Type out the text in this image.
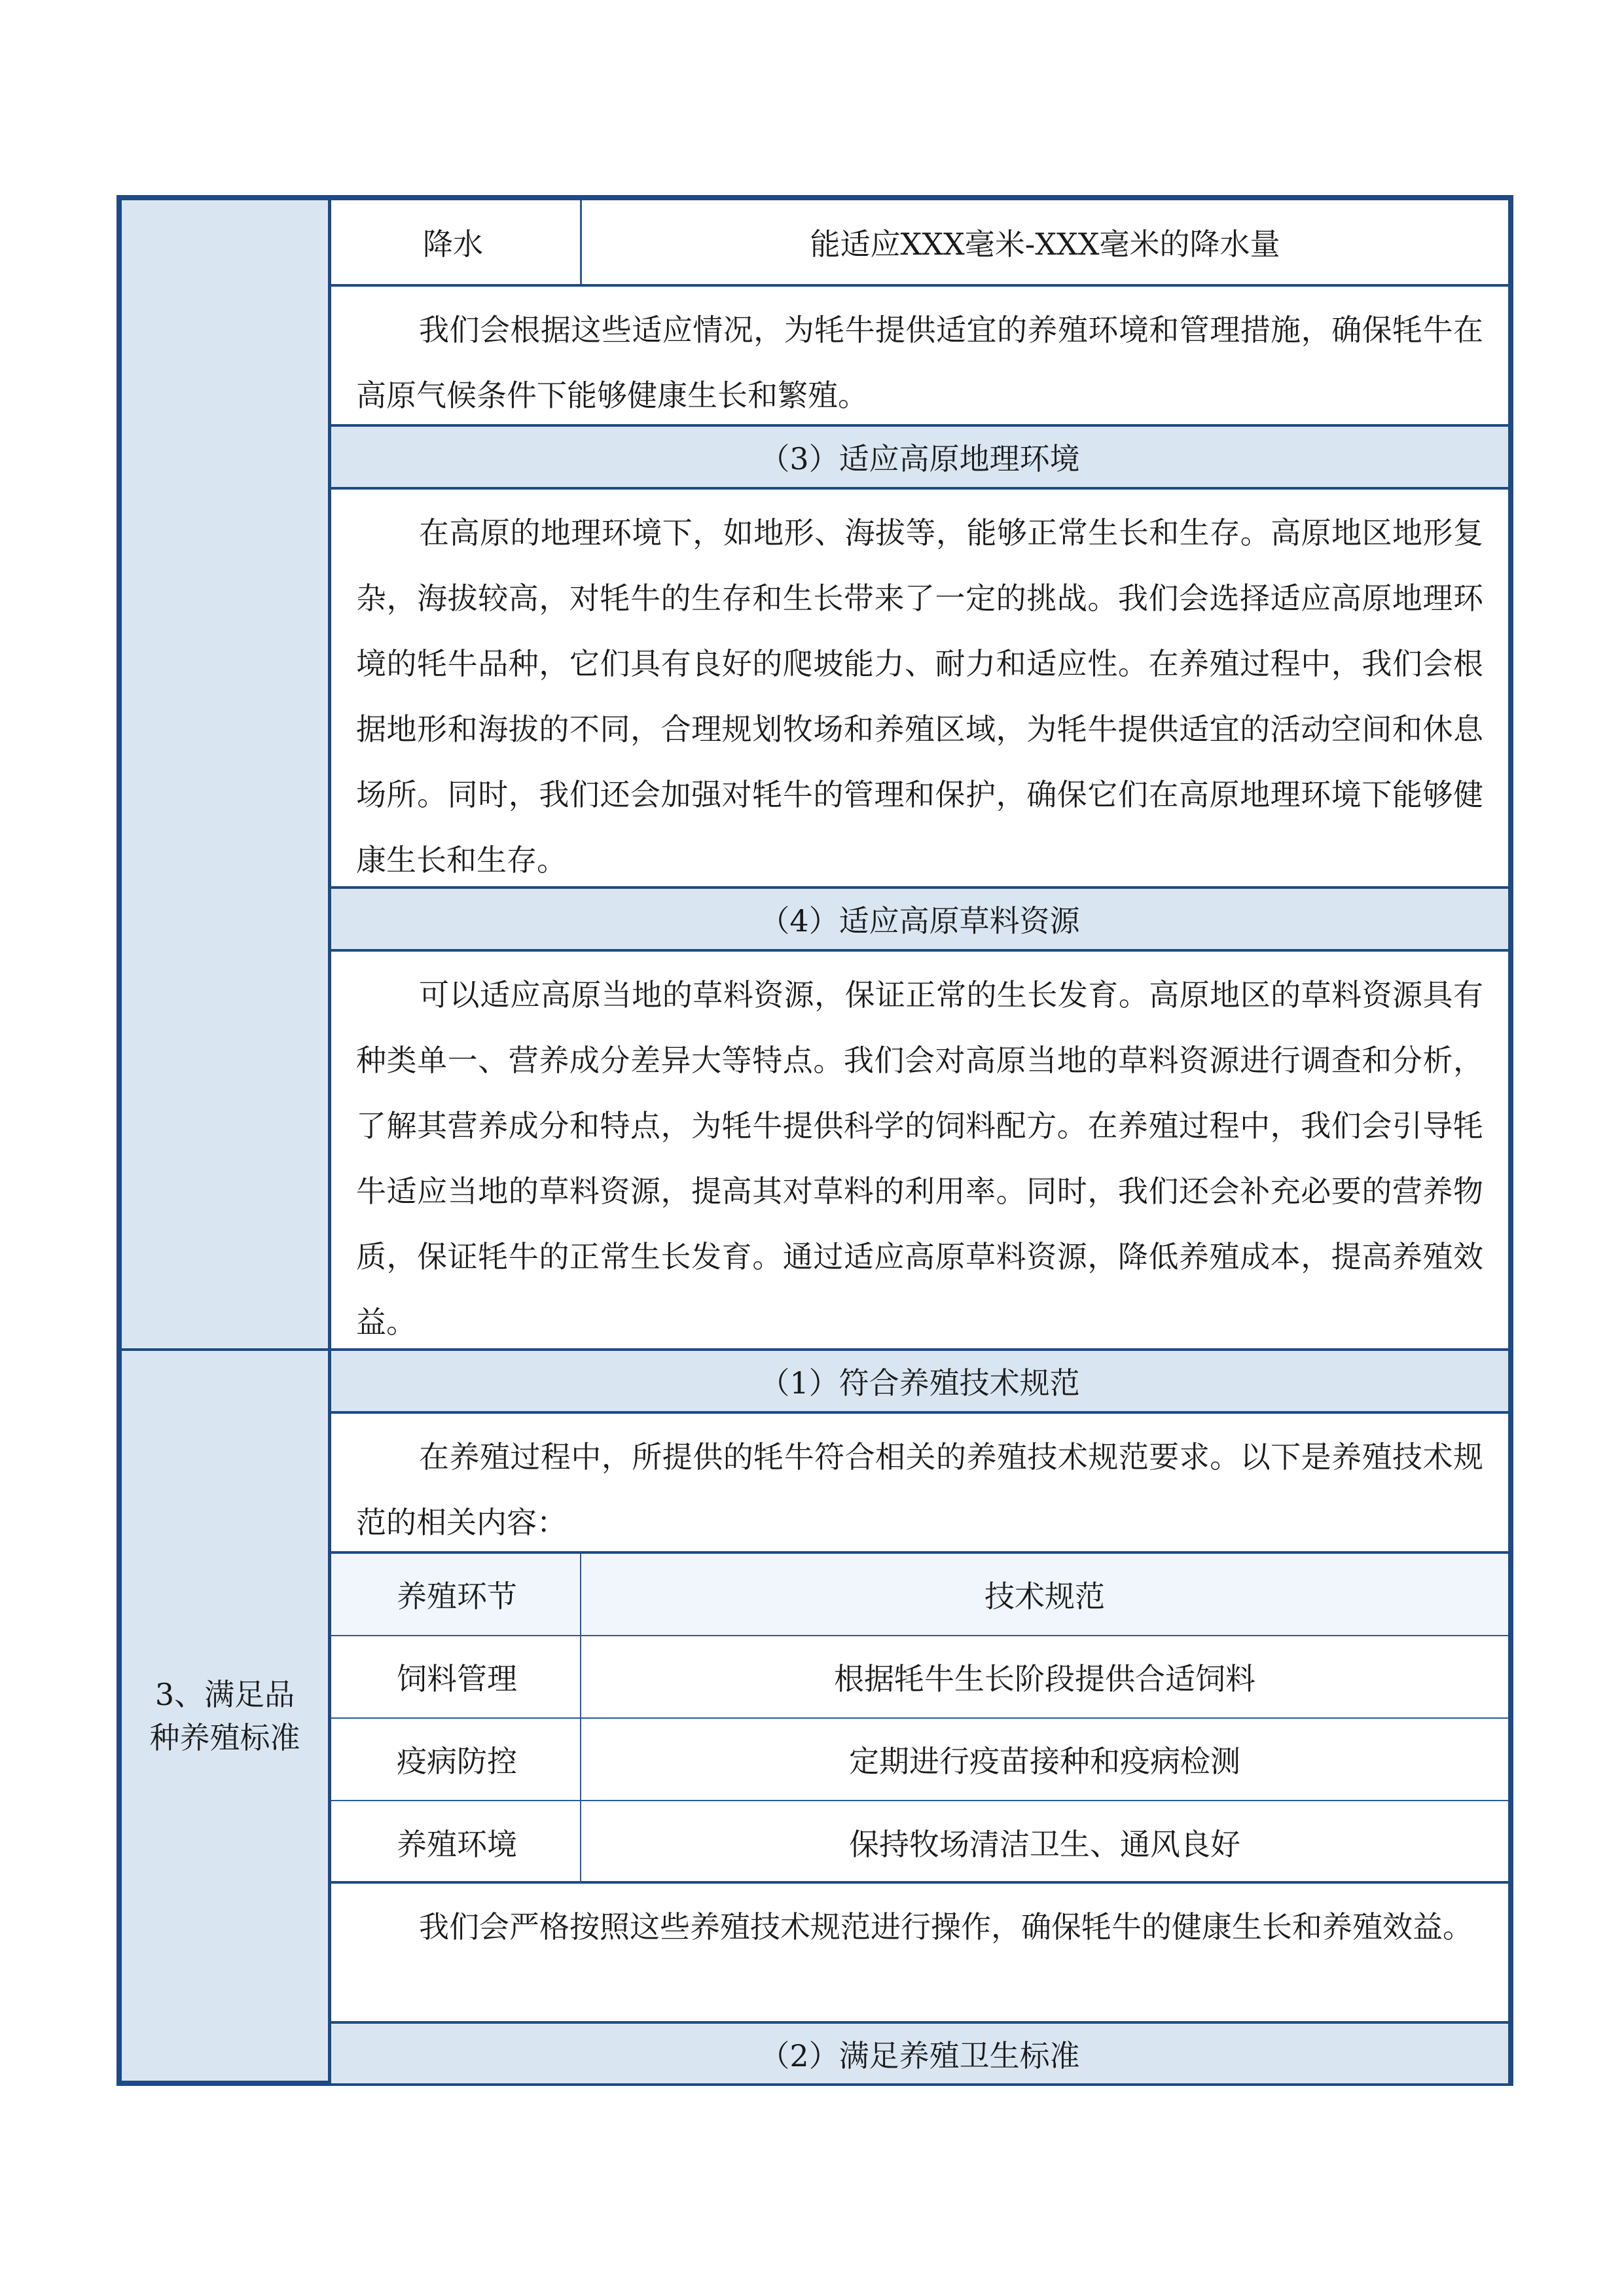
3、满足品种养殖标准
降水	能适应XXX毫米-XXX毫米的降水量
我们会根据这些适应情况，为牦牛提供适宜的养殖环境和管理措施，确保牦牛在高原气候条件下能够健康生长和繁殖。
（3）适应高原地理环境
在高原的地理环境下，如地形、海拔等，能够正常生长和生存。高原地区地形复杂，海拔较高，对牦牛的生存和生长带来了一定的挑战。我们会选择适应高原地理环境的牦牛品种，它们具有良好的爬坡能力、耐力和适应性。在养殖过程中，我们会根据地形和海拔的不同，合理规划牧场和养殖区域，为牦牛提供适宜的活动空间和休息场所。同时，我们还会加强对牦牛的管理和保护，确保它们在高原地理环境下能够健康生长和生存。
（4）适应高原草料资源
可以适应高原当地的草料资源，保证正常的生长发育。高原地区的草料资源具有种类单一、营养成分差异大等特点。我们会对高原当地的草料资源进行调查和分析，了解其营养成分和特点，为牦牛提供科学的饲料配方。在养殖过程中，我们会引导牦牛适应当地的草料资源，提高其对草料的利用率。同时，我们还会补充必要的营养物质，保证牦牛的正常生长发育。通过适应高原草料资源，降低养殖成本，提高养殖效益。
（1）符合养殖技术规范
在养殖过程中，所提供的牦牛符合相关的养殖技术规范要求。以下是养殖技术规范的相关内容：
养殖环节	技术规范
饲料管理	根据牦牛生长阶段提供合适饲料
疫病防控	定期进行疫苗接种和疫病检测
养殖环境	保持牧场清洁卫生、通风良好
我们会严格按照这些养殖技术规范进行操作，确保牦牛的健康生长和养殖效益。
（2）满足养殖卫生标准
